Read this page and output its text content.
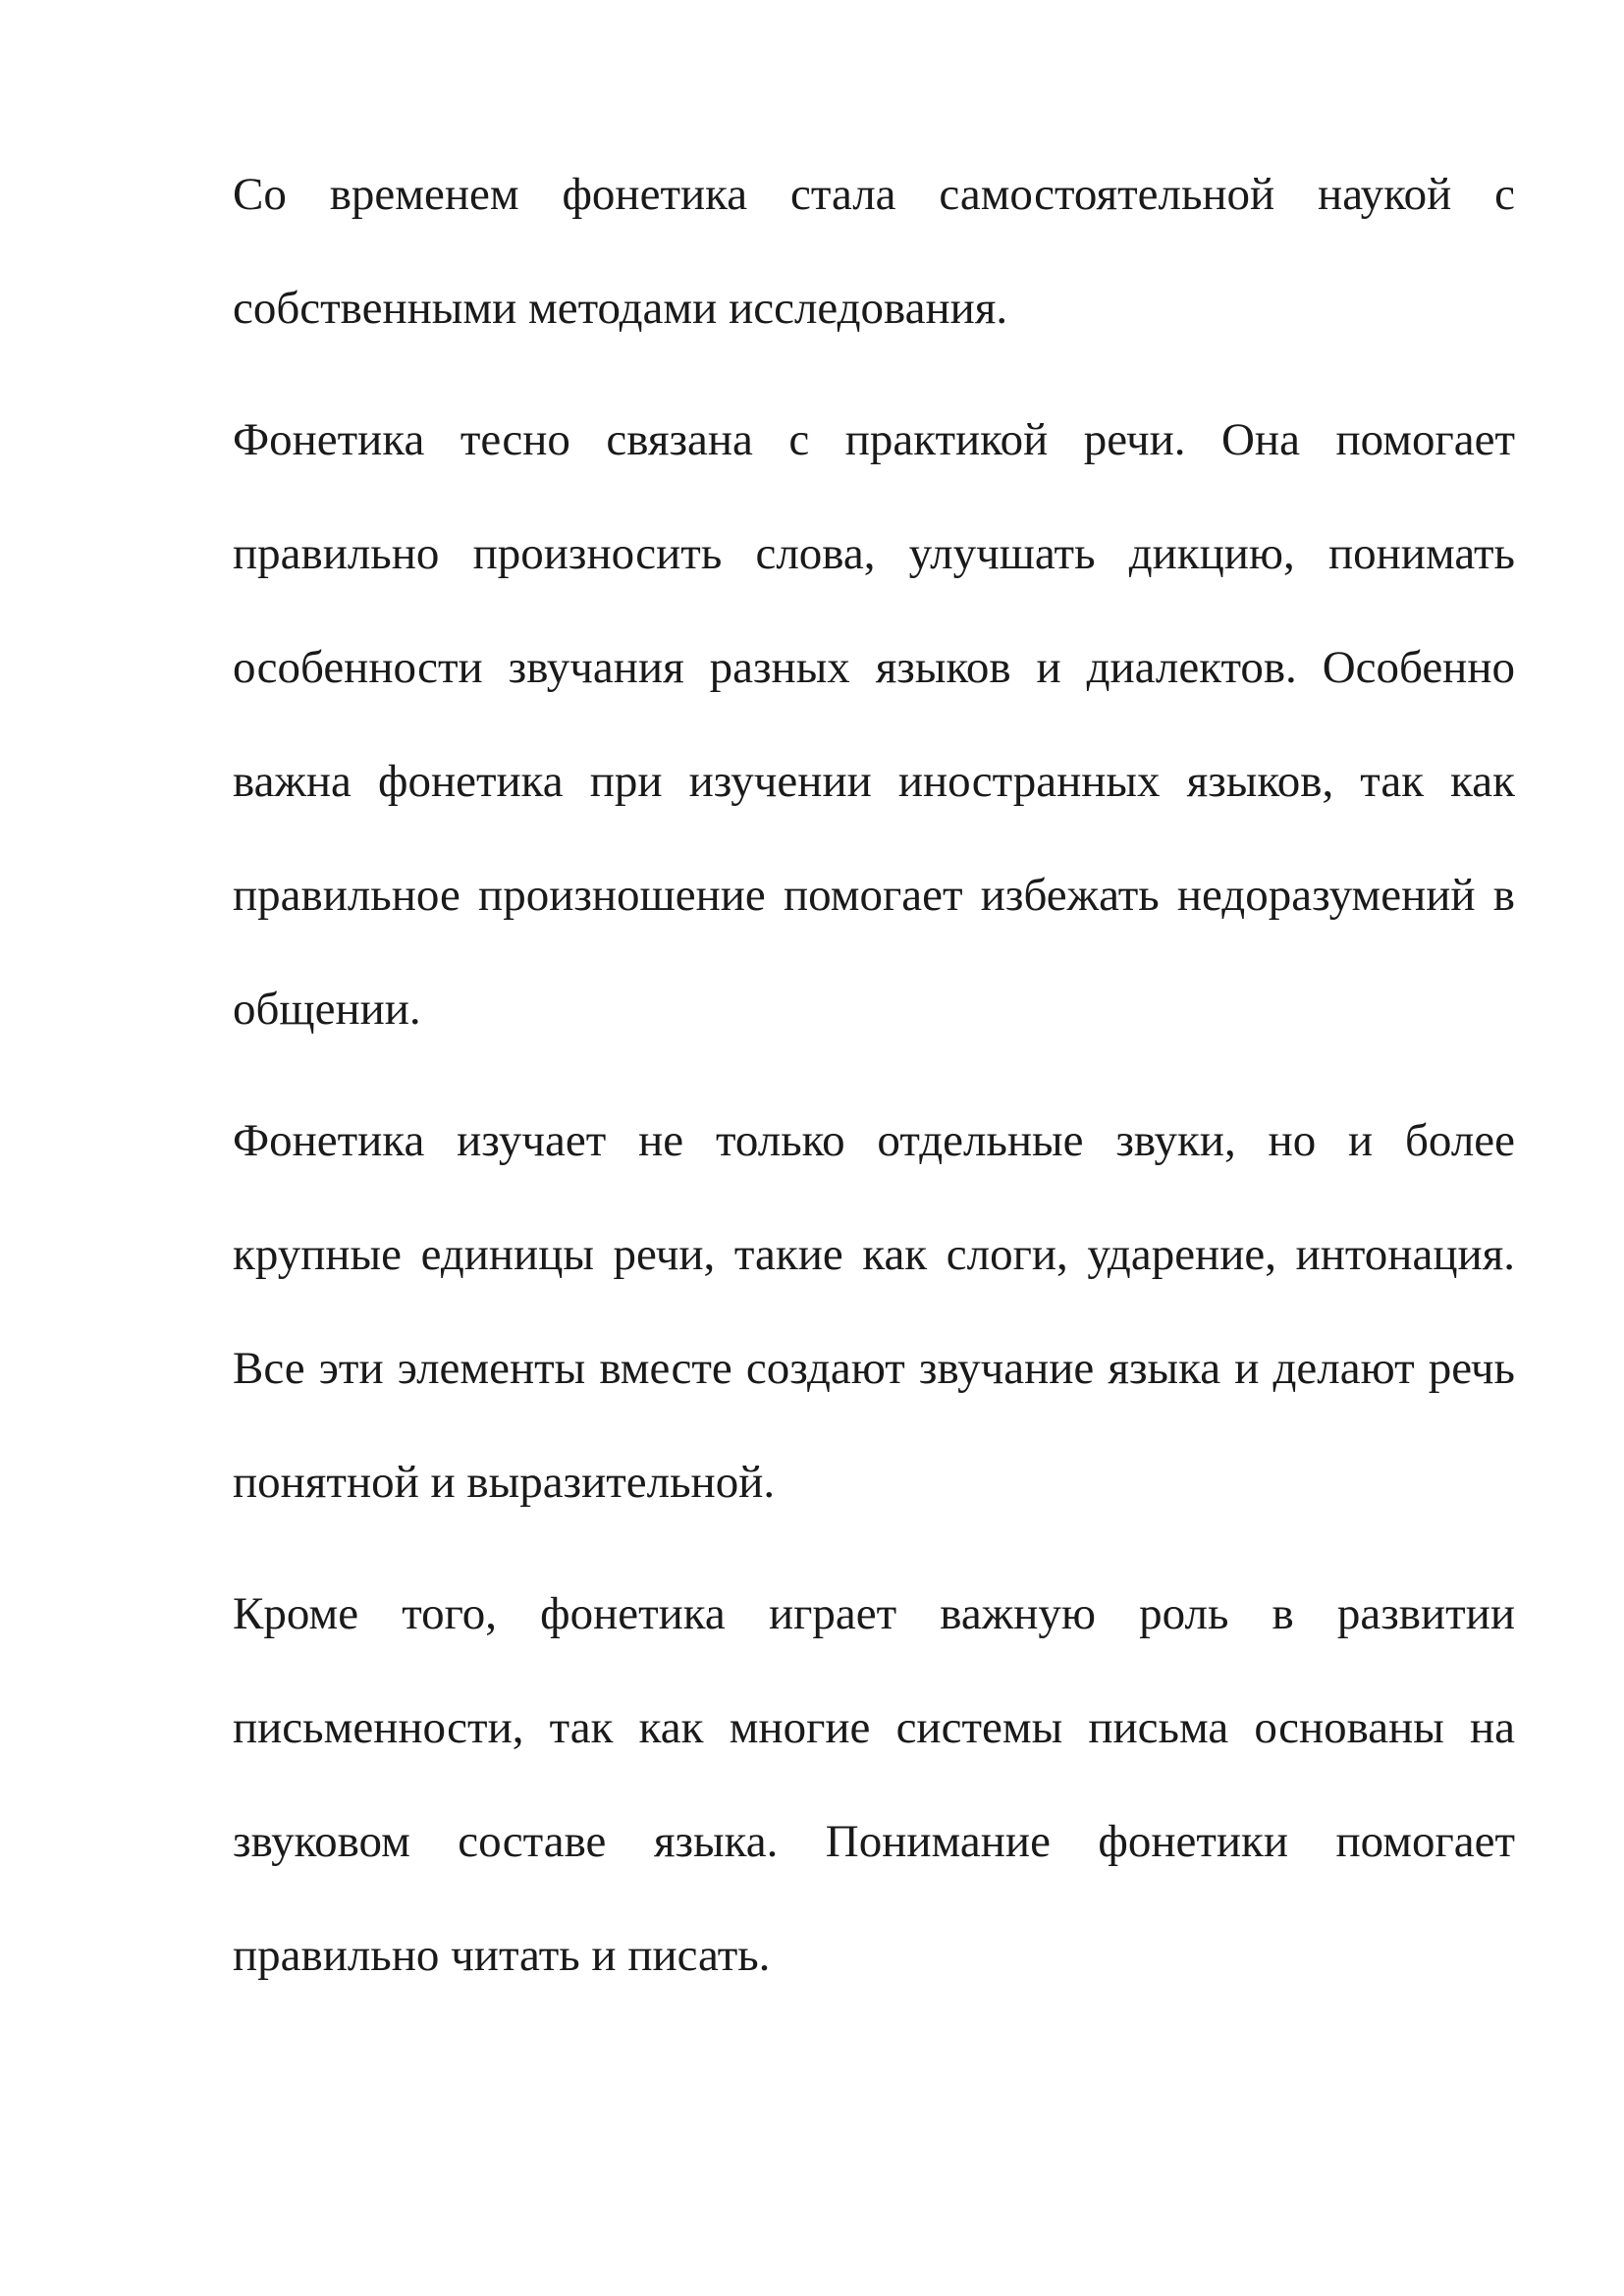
Со временем фонетика стала самостоятельной наукой с собственными методами исследования.

Фонетика тесно связана с практикой речи. Она помогает правильно произносить слова, улучшать дикцию, понимать особенности звучания разных языков и диалектов. Особенно важна фонетика при изучении иностранных языков, так как правильное произношение помогает избежать недоразумений в общении.

Фонетика изучает не только отдельные звуки, но и более крупные единицы речи, такие как слоги, ударение, интонация. Все эти элементы вместе создают звучание языка и делают речь понятной и выразительной.

Кроме того, фонетика играет важную роль в развитии письменности, так как многие системы письма основаны на звуковом составе языка. Понимание фонетики помогает правильно читать и писать.
